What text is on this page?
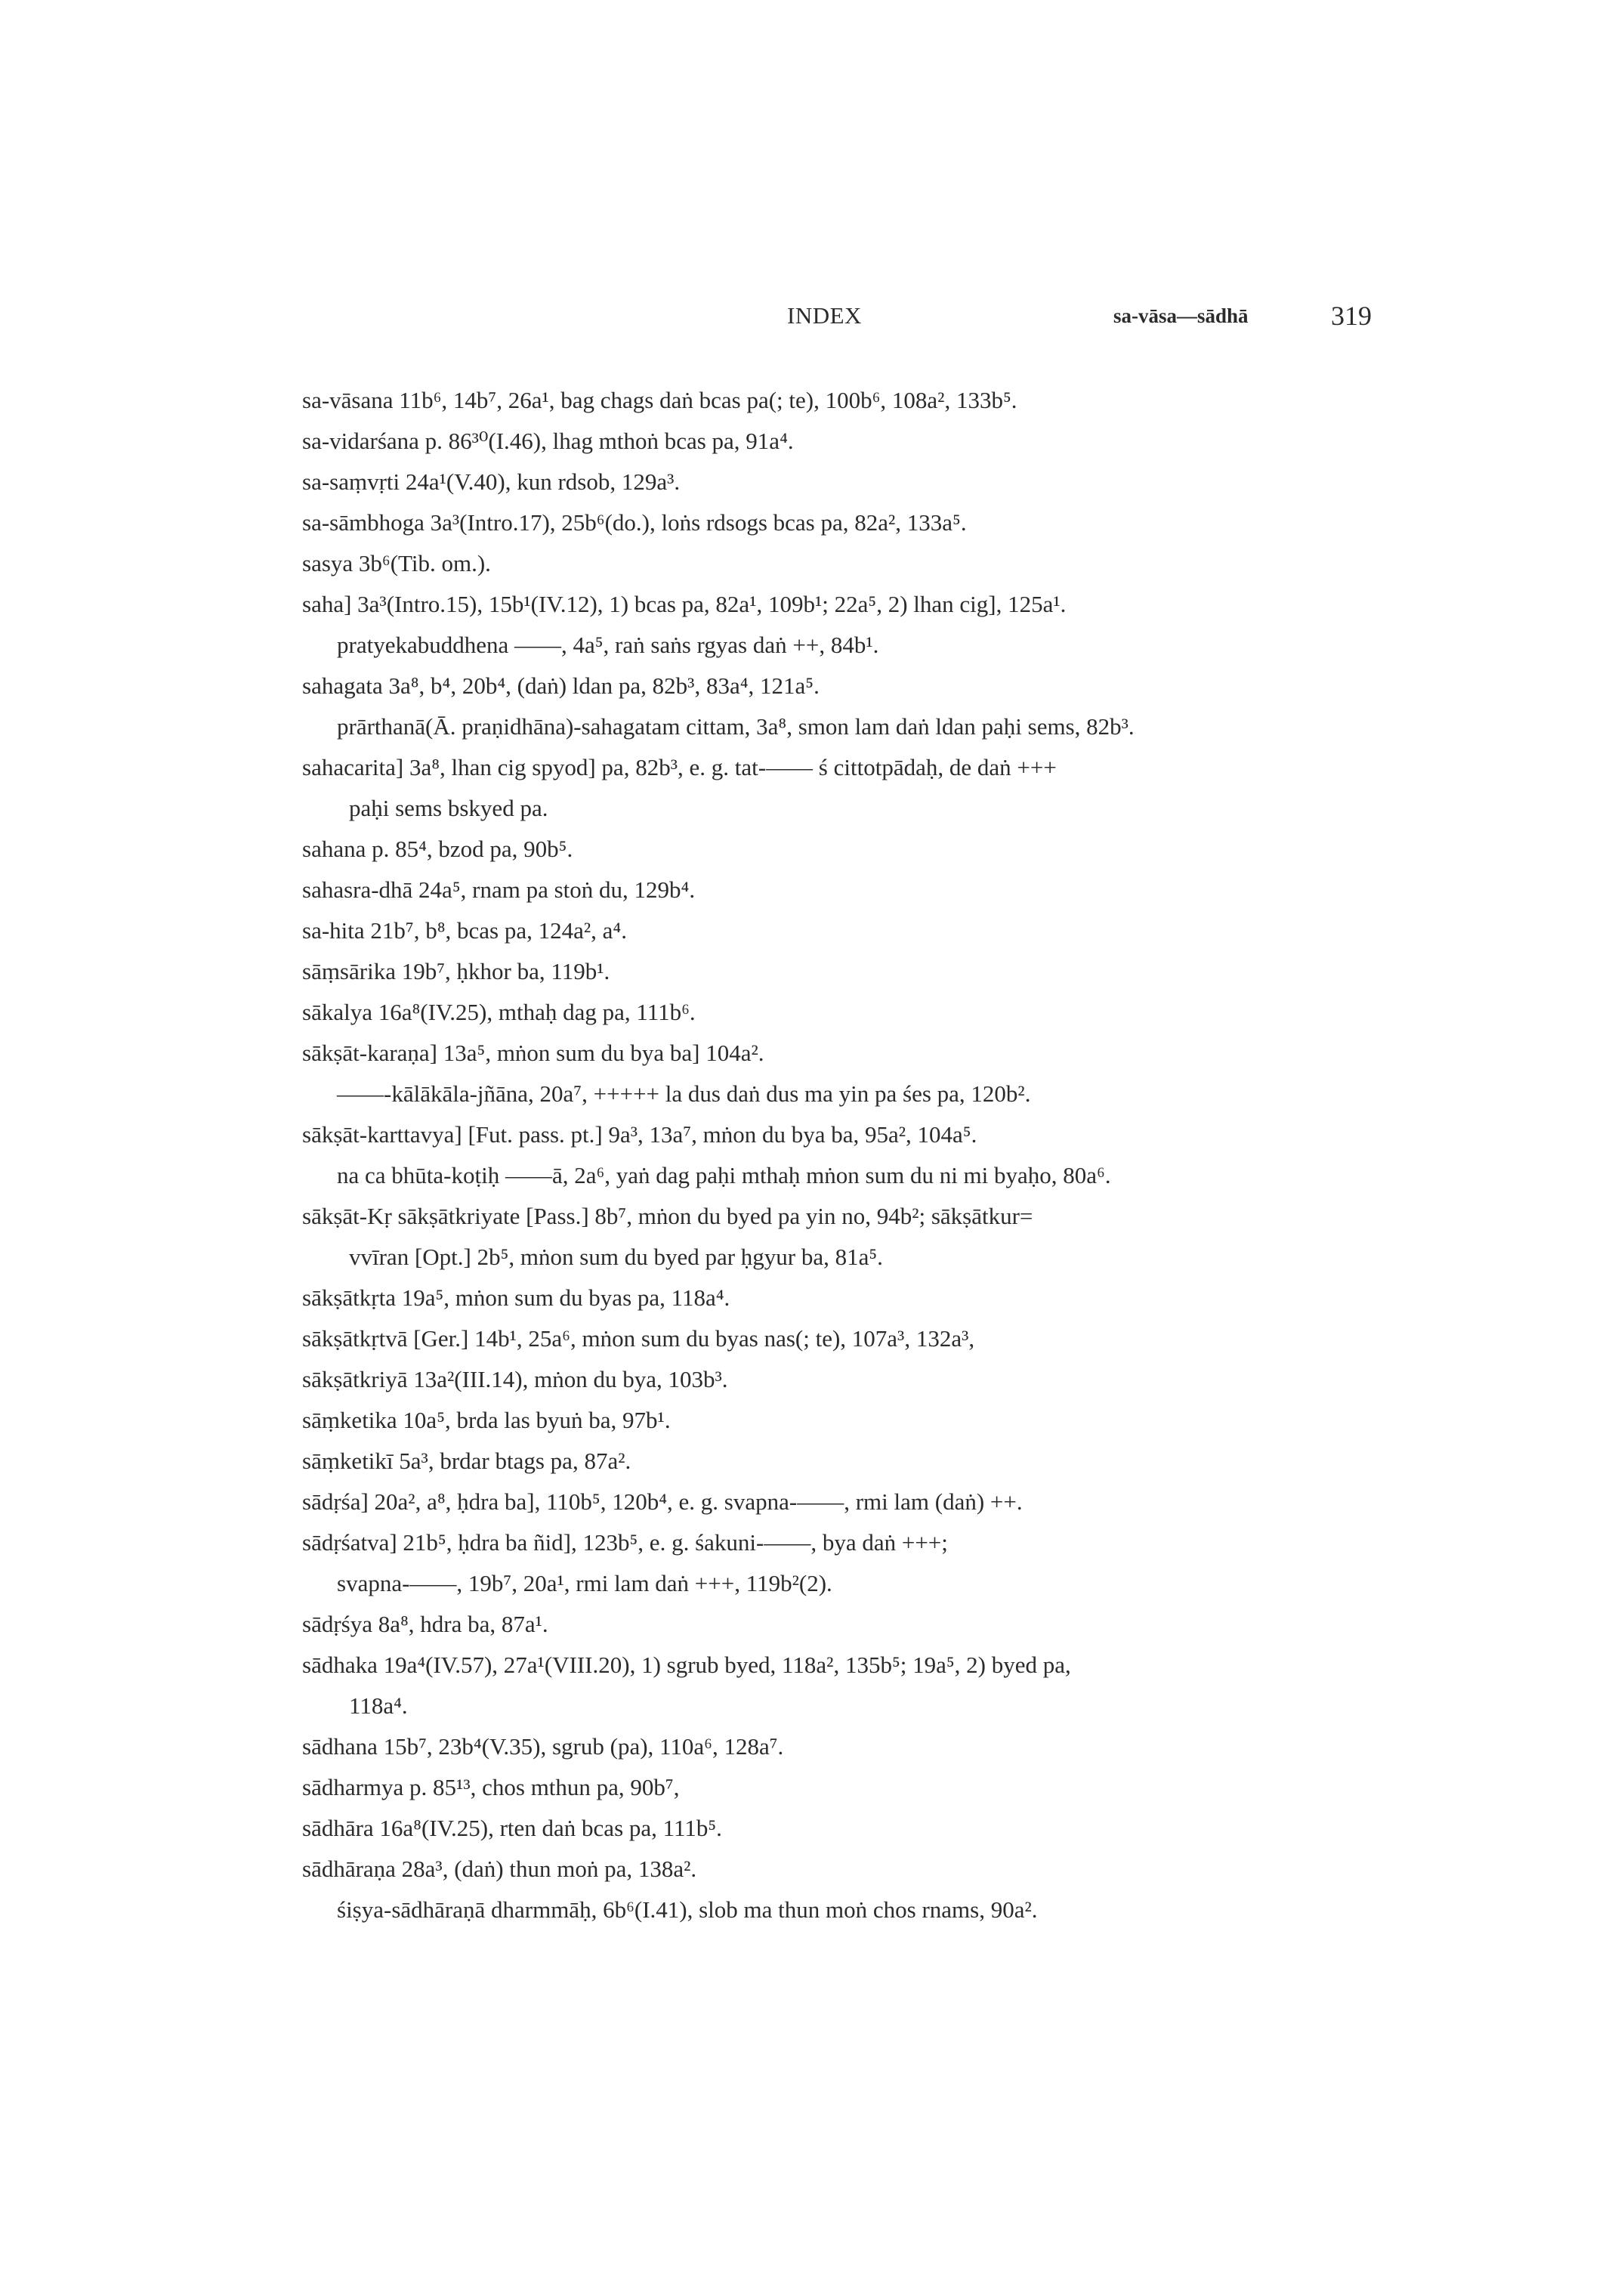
INDEX	sa-vāsa—sādhā	319
sa-vāsana 11b⁶, 14b⁷, 26a¹, bag chags daṅ bcas pa(; te), 100b⁶, 108a², 133b⁵.
sa-vidarśana p. 86³⁰(I.46), lhag mthoṅ bcas pa, 91a⁴.
sa-saṃvṛti 24a¹(V.40), kun rdsob, 129a³.
sa-sāmbhoga 3a³(Intro.17), 25b⁶(do.), loṅs rdsogs bcas pa, 82a², 133a⁵.
sasya 3b⁶(Tib. om.).
saha] 3a³(Intro.15), 15b¹(IV.12), 1) bcas pa, 82a¹, 109b¹; 22a⁵, 2) lhan cig], 125a¹.
pratyekabuddhena ——, 4a⁵, raṅ saṅs rgyas daṅ ++, 84b¹.
sahagata 3a⁸, b⁴, 20b⁴, (daṅ) ldan pa, 82b³, 83a⁴, 121a⁵.
prārthanā(Ā. praṇidhāna)-sahagatam cittam, 3a⁸, smon lam daṅ ldan paḥi sems, 82b³.
sahacarita] 3a⁸, lhan cig spyod] pa, 82b³, e. g. tat-—— ś cittotpādaḥ, de daṅ +++
paḥi sems bskyed pa.
sahana p. 85⁴, bzod pa, 90b⁵.
sahasra-dhā 24a⁵, rnam pa stoṅ du, 129b⁴.
sa-hita 21b⁷, b⁸, bcas pa, 124a², a⁴.
sāṃsārika 19b⁷, ḥkhor ba, 119b¹.
sākalya 16a⁸(IV.25), mthaḥ dag pa, 111b⁶.
sākṣāt-karaṇa] 13a⁵, mṅon sum du bya ba] 104a².
——-kālākāla-jñāna, 20a⁷, +++++ la dus daṅ dus ma yin pa śes pa, 120b².
sākṣāt-karttavya] [Fut. pass. pt.] 9a³, 13a⁷, mṅon du bya ba, 95a², 104a⁵.
na ca bhūta-koṭiḥ ——ā, 2a⁶, yaṅ dag paḥi mthaḥ mṅon sum du ni mi byaḥo, 80a⁶.
sākṣāt-Kṛ sākṣātkriyate [Pass.] 8b⁷, mṅon du byed pa yin no, 94b²; sākṣātkur=
vvīran [Opt.] 2b⁵, mṅon sum du byed par ḥgyur ba, 81a⁵.
sākṣātkṛta 19a⁵, mṅon sum du byas pa, 118a⁴.
sākṣātkṛtvā [Ger.] 14b¹, 25a⁶, mṅon sum du byas nas(; te), 107a³, 132a³,
sākṣātkriyā 13a²(III.14), mṅon du bya, 103b³.
sāṃketika 10a⁵, brda las byuṅ ba, 97b¹.
sāṃketikī 5a³, brdar btags pa, 87a².
sādṛśa] 20a², a⁸, ḥdra ba], 110b⁵, 120b⁴, e. g. svapna-——, rmi lam (daṅ) ++.
sādṛśatva] 21b⁵, ḥdra ba ñid], 123b⁵, e. g. śakuni-——, bya daṅ +++;
svapna-——, 19b⁷, 20a¹, rmi lam daṅ +++, 119b²(2).
sādṛśya 8a⁸, hdra ba, 87a¹.
sādhaka 19a⁴(IV.57), 27a¹(VIII.20), 1) sgrub byed, 118a², 135b⁵; 19a⁵, 2) byed pa,
118a⁴.
sādhana 15b⁷, 23b⁴(V.35), sgrub (pa), 110a⁶, 128a⁷.
sādharmya p. 85¹³, chos mthun pa, 90b⁷,
sādhāra 16a⁸(IV.25), rten daṅ bcas pa, 111b⁵.
sādhāraṇa 28a³, (daṅ) thun moṅ pa, 138a².
śiṣya-sādhāraṇā dharmmāḥ, 6b⁶(I.41), slob ma thun moṅ chos rnams, 90a².
